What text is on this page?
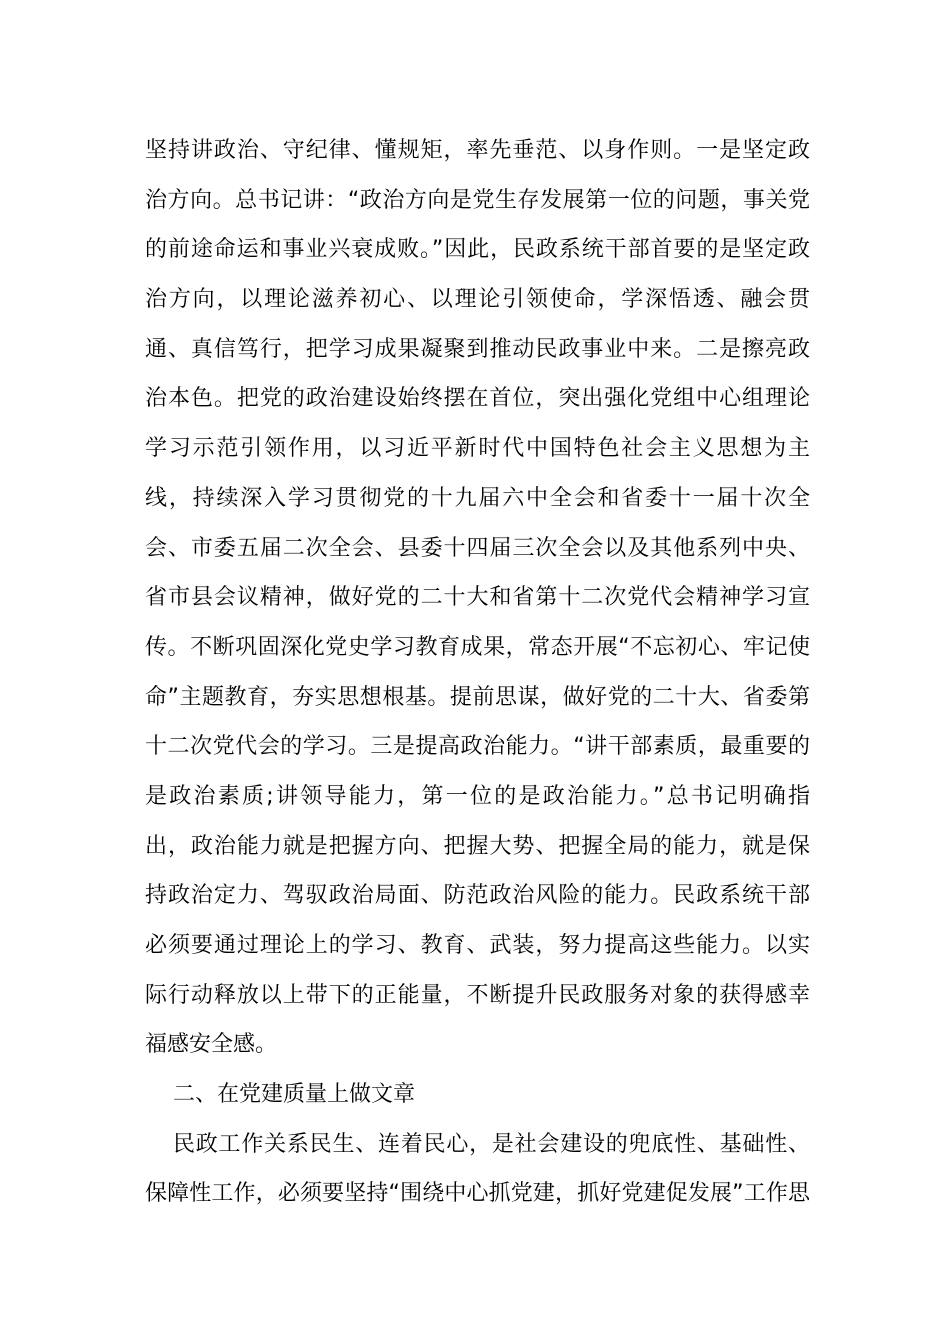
坚持讲政治、守纪律、懂规矩，率先垂范、以身作则。一是坚定政
治方向。总书记讲：“政治方向是党生存发展第一位的问题，事关党
的前途命运和事业兴衰成败。”因此，民政系统干部首要的是坚定政
治方向，以理论滋养初心、以理论引领使命，学深悟透、融会贯
通、真信笃行，把学习成果凝聚到推动民政事业中来。二是擦亮政
治本色。把党的政治建设始终摆在首位，突出强化党组中心组理论
学习示范引领作用，以习近平新时代中国特色社会主义思想为主
线，持续深入学习贯彻党的十九届六中全会和省委十一届十次全
会、市委五届二次全会、县委十四届三次全会以及其他系列中央、
省市县会议精神，做好党的二十大和省第十二次党代会精神学习宣
传。不断巩固深化党史学习教育成果，常态开展“不忘初心、牢记使
命”主题教育，夯实思想根基。提前思谋，做好党的二十大、省委第
十二次党代会的学习。三是提高政治能力。“讲干部素质，最重要的
是政治素质;讲领导能力，第一位的是政治能力。”总书记明确指
出，政治能力就是把握方向、把握大势、把握全局的能力，就是保
持政治定力、驾驭政治局面、防范政治风险的能力。民政系统干部
必须要通过理论上的学习、教育、武装，努力提高这些能力。以实
际行动释放以上带下的正能量，不断提升民政服务对象的获得感幸
福感安全感。
二、在党建质量上做文章
民政工作关系民生、连着民心，是社会建设的兜底性、基础性、
保障性工作，必须要坚持“围绕中心抓党建，抓好党建促发展”工作思
